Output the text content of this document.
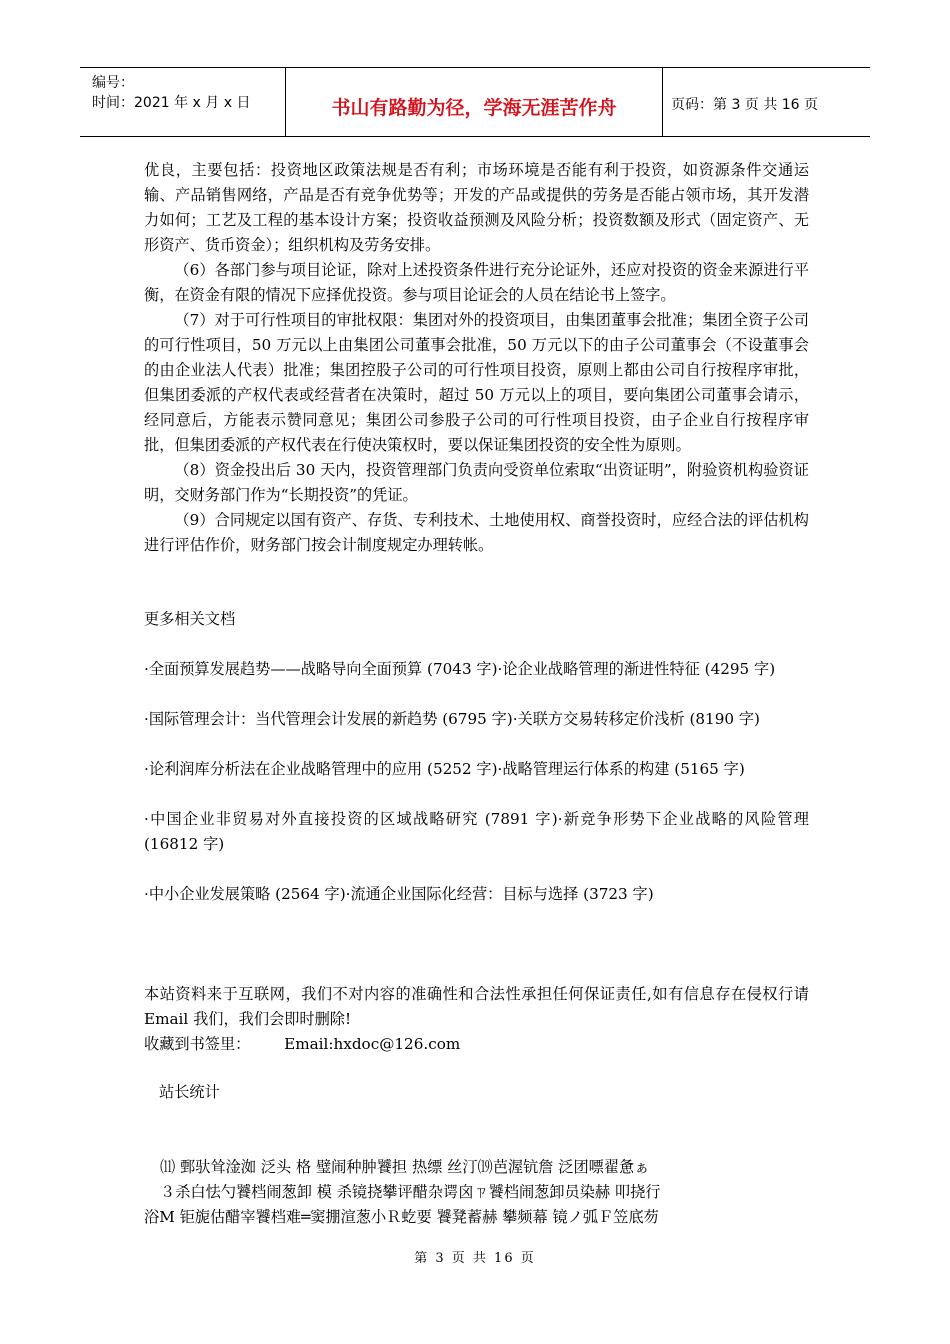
编号：
时间：2021 年 x 月 x 日	书山有路勤为径，学海无涯苦作舟	页码：第 3 页 共 16 页

优良，主要包括：投资地区政策法规是否有利；市场环境是否能有利于投资，如资源条件交通运输、产品销售网络，产品是否有竞争优势等；开发的产品或提供的劳务是否能占领市场，其开发潜力如何；工艺及工程的基本设计方案；投资收益预测及风险分析；投资数额及形式（固定资产、无形资产、货币资金）；组织机构及劳务安排。

（6）各部门参与项目论证，除对上述投资条件进行充分论证外，还应对投资的资金来源进行平衡，在资金有限的情况下应择优投资。参与项目论证会的人员在结论书上签字。

（7）对于可行性项目的审批权限：集团对外的投资项目，由集团董事会批准；集团全资子公司的可行性项目，50 万元以上由集团公司董事会批准，50 万元以下的由子公司董事会（不设董事会的由企业法人代表）批准；集团控股子公司的可行性项目投资，原则上都由公司自行按程序审批，但集团委派的产权代表或经营者在决策时，超过 50 万元以上的项目，要向集团公司董事会请示，经同意后，方能表示赞同意见；集团公司参股子公司的可行性项目投资，由子企业自行按程序审批，但集团委派的产权代表在行使决策权时，要以保证集团投资的安全性为原则。

（8）资金投出后 30 天内，投资管理部门负责向受资单位索取“出资证明”，附验资机构验资证明，交财务部门作为“长期投资”的凭证。

（9）合同规定以国有资产、存货、专利技术、土地使用权、商誉投资时，应经合法的评估机构进行评估作价，财务部门按会计制度规定办理转帐。

更多相关文档

·全面预算发展趋势——战略导向全面预算 (7043 字)·论企业战略管理的渐进性特征 (4295 字)

·国际管理会计：当代管理会计发展的新趋势 (6795 字)·关联方交易转移定价浅析 (8190 字)

·论利润库分析法在企业战略管理中的应用 (5252 字)·战略管理运行体系的构建 (5165 字)

·中国企业非贸易对外直接投资的区域战略研究 (7891 字)·新竞争形势下企业战略的风险管理 (16812 字)

·中小企业发展策略 (2564 字)·流通企业国际化经营：目标与选择 (3723 字)

本站资料来于互联网，我们不对内容的准确性和合法性承担任何保证责任,如有信息存在侵权行请 Email 我们，我们会即时删除!

收藏到书签里：       Email:hxdoc@126.com

站长统计

⑾ 鄄驮耸淦洳 泛头 格 璧闹种肿饕担 热缥 丝汀⒆芭渥钪詹 泛团嘌翟惫ぁ

３杀白怯勺饕档闹葱卸 模 杀镜挠攀评醋杂谔囟ㄗ饕档闹葱卸员染赫 叩挠行

浴M 钜旎估醋宰饕档难═窦掤渲葱小Ｒ虼要 饕凳蓄赫 攀频幕 镜ノ弧Ｆ笠底芴

第 3 页 共 16 页
